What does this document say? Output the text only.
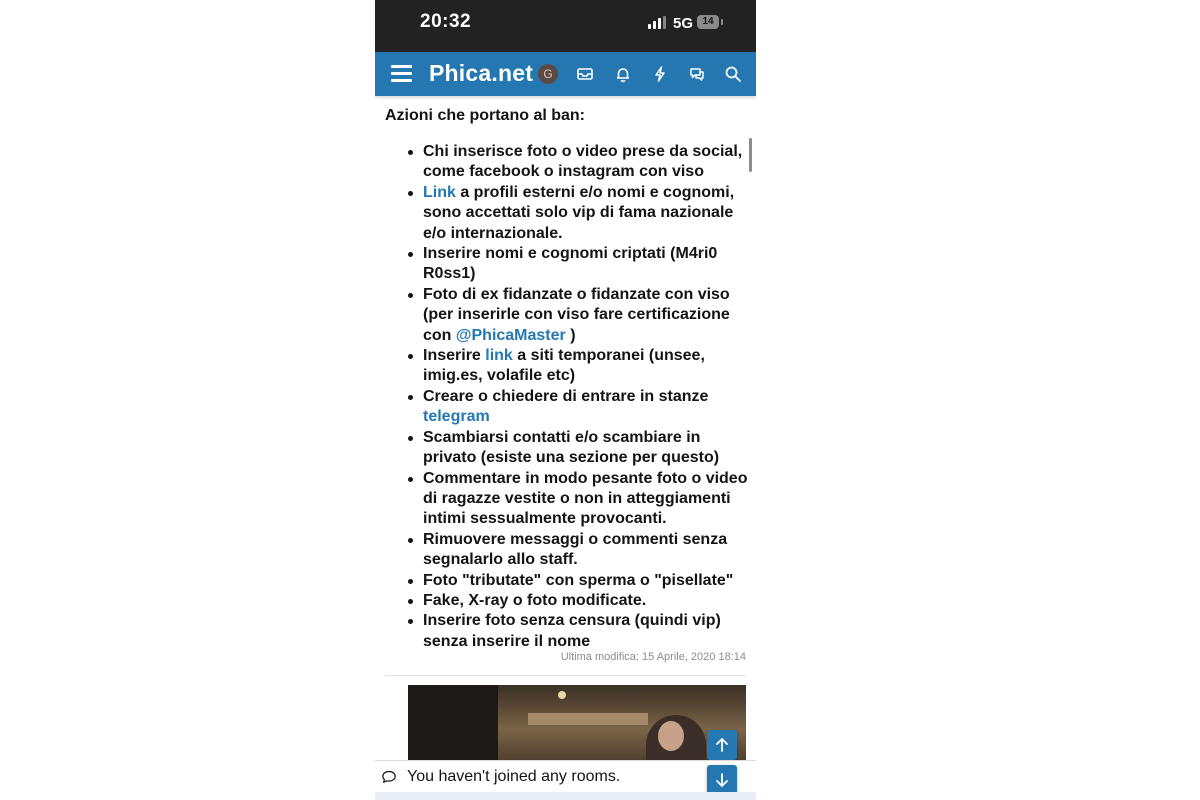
20:32	5G 14
Phica.net G
Azioni che portano al ban:
Chi inserisce foto o video prese da social, come facebook o instagram con viso
Link a profili esterni e/o nomi e cognomi, sono accettati solo vip di fama nazionale e/o internazionale.
Inserire nomi e cognomi criptati (M4ri0 R0ss1)
Foto di ex fidanzate o fidanzate con viso (per inserirle con viso fare certificazione con @PhicaMaster )
Inserire link a siti temporanei (unsee, imig.es, volafile etc)
Creare o chiedere di entrare in stanze telegram
Scambiarsi contatti e/o scambiare in privato (esiste una sezione per questo)
Commentare in modo pesante foto o video di ragazze vestite o non in atteggiamenti intimi sessualmente provocanti.
Rimuovere messaggi o commenti senza segnalarlo allo staff.
Foto "tributate" con sperma o "pisellate"
Fake, X-ray o foto modificate.
Inserire foto senza censura (quindi vip) senza inserire il nome
Ultima modifica: 15 Aprile, 2020 18:14
You haven't joined any rooms.
